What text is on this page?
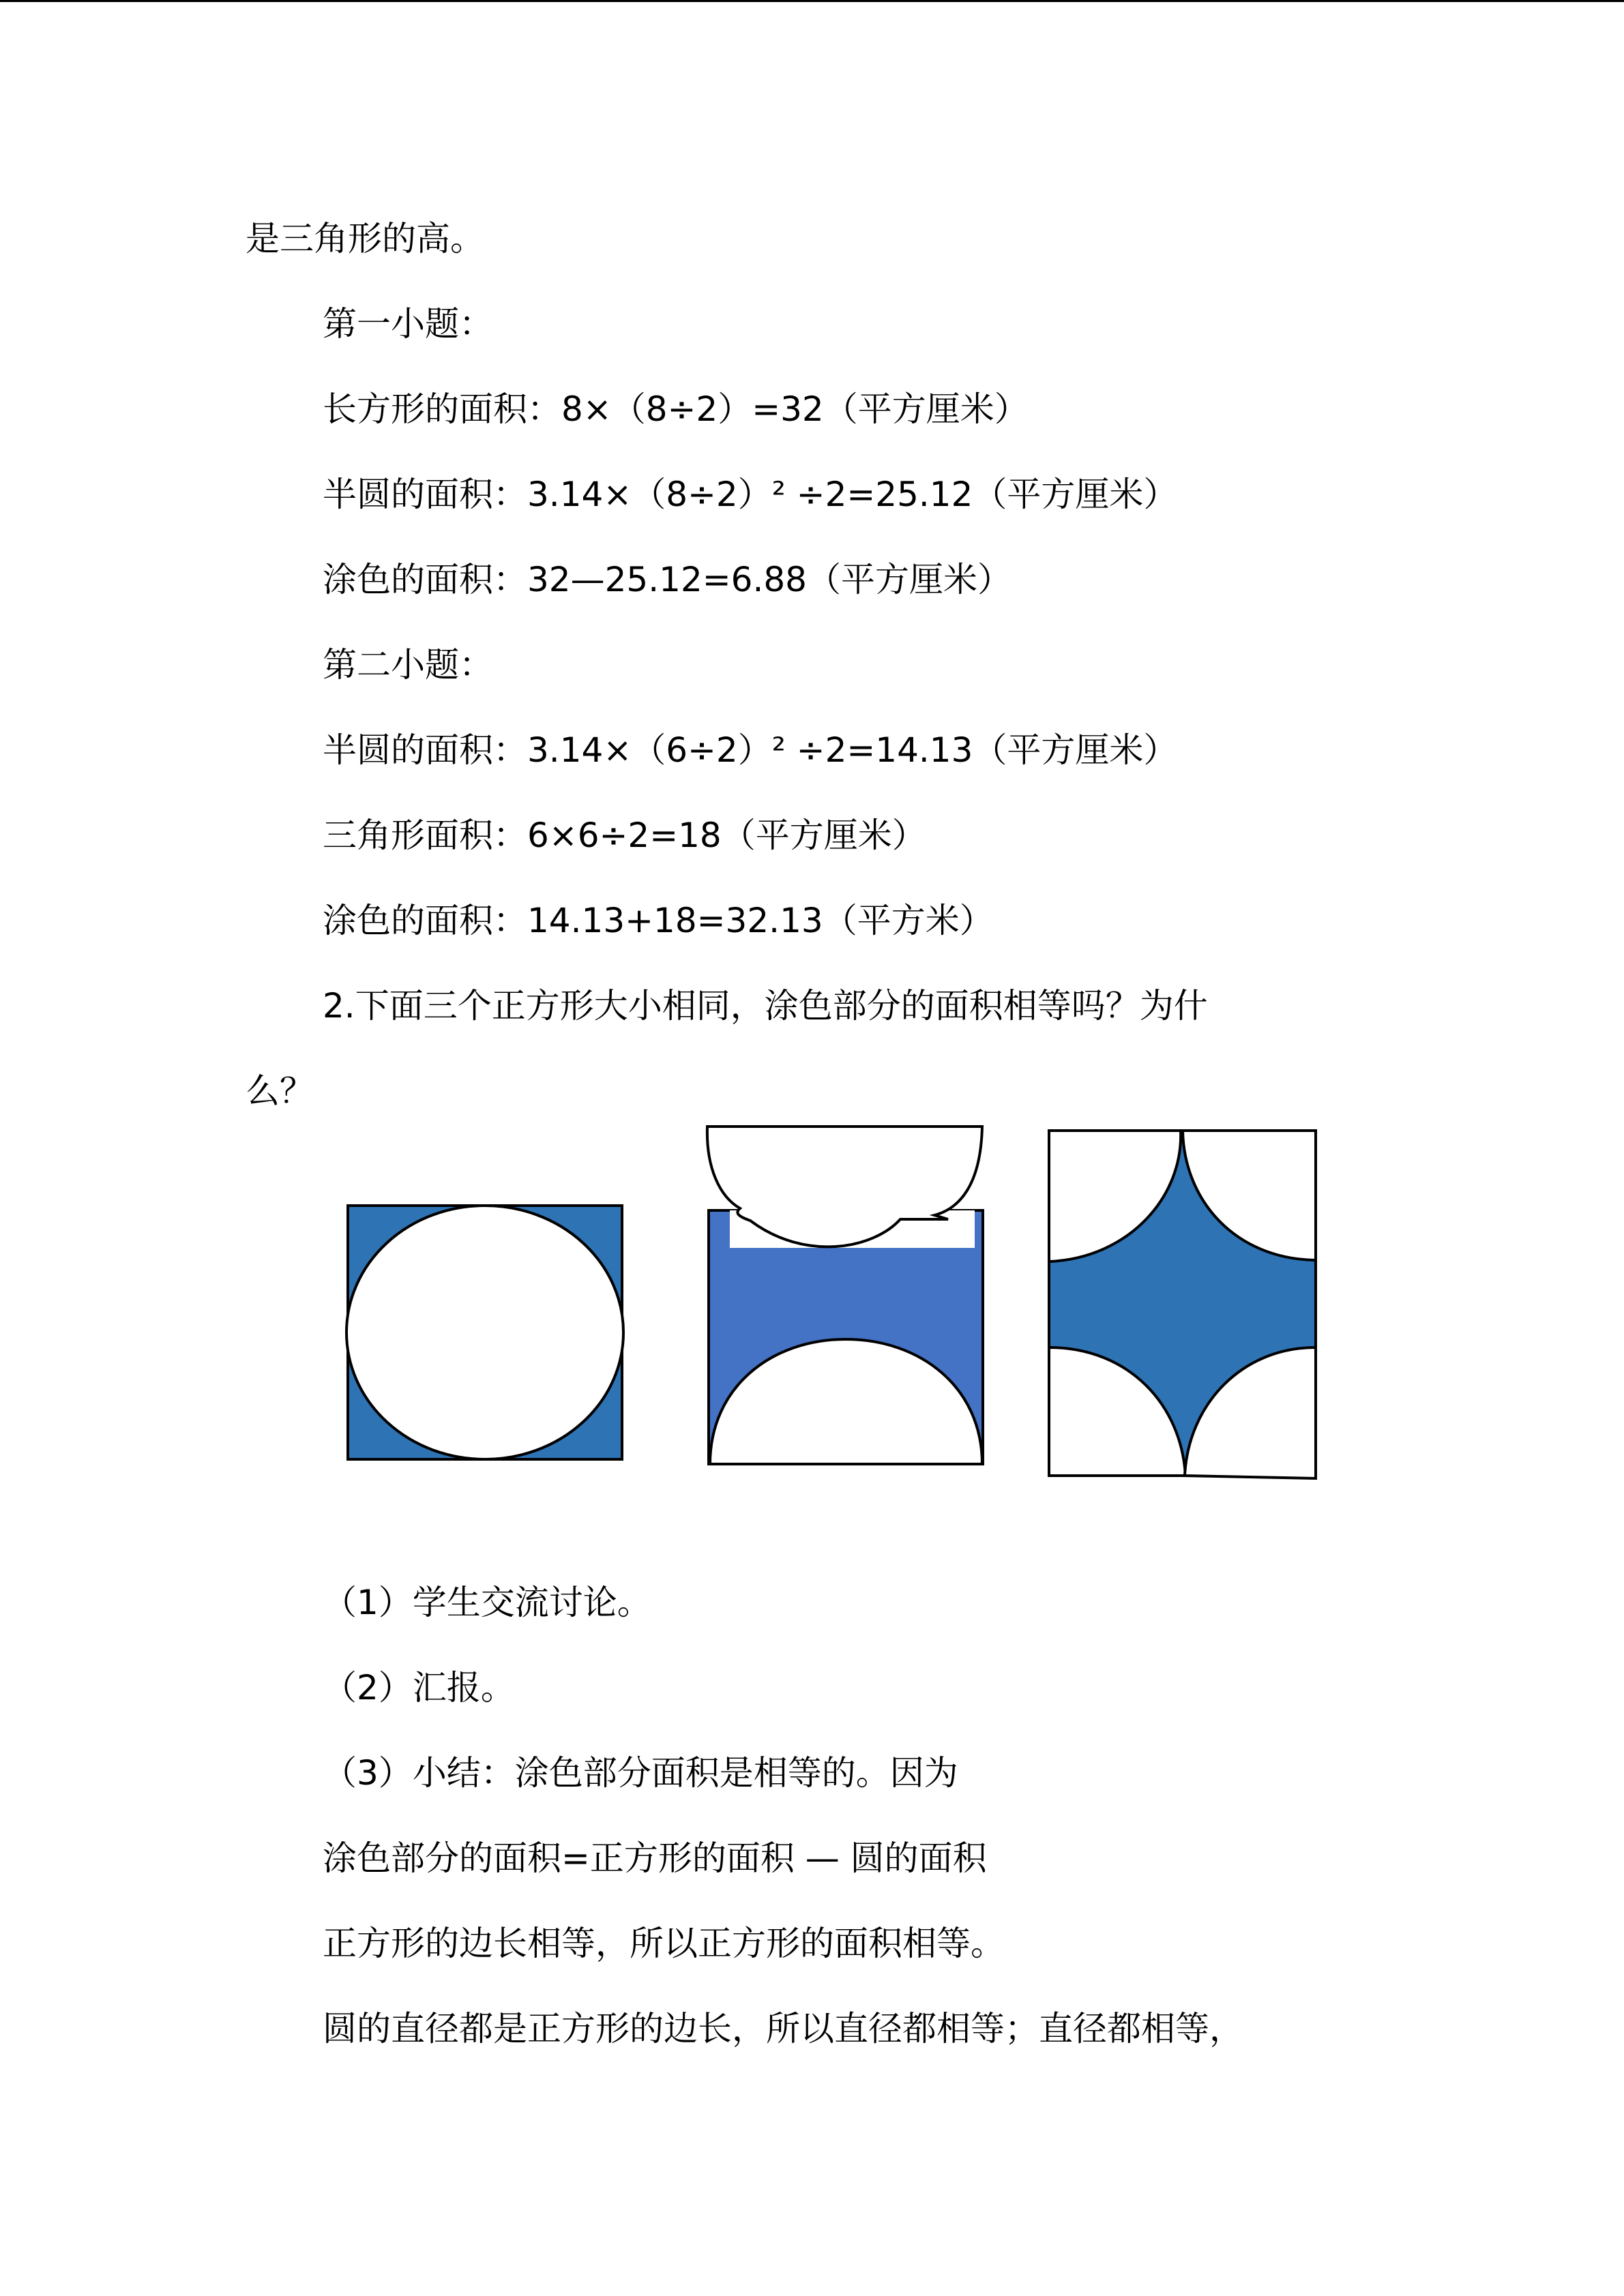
是三角形的高。
第一小题：
长方形的面积：8×（8÷2）=32（平方厘米）
半圆的面积：3.14×（8÷2）² ÷2=25.12（平方厘米）
涂色的面积：32—25.12=6.88（平方厘米）
第二小题：
半圆的面积：3.14×（6÷2）² ÷2=14.13（平方厘米）
三角形面积：6×6÷2=18（平方厘米）
涂色的面积：14.13+18=32.13（平方米）
2.下面三个正方形大小相同，涂色部分的面积相等吗？为什
么？
（1）学生交流讨论。
（2）汇报。
（3）小结：涂色部分面积是相等的。因为
涂色部分的面积=正方形的面积 — 圆的面积
正方形的边长相等，所以正方形的面积相等。
圆的直径都是正方形的边长，所以直径都相等；直径都相等，
